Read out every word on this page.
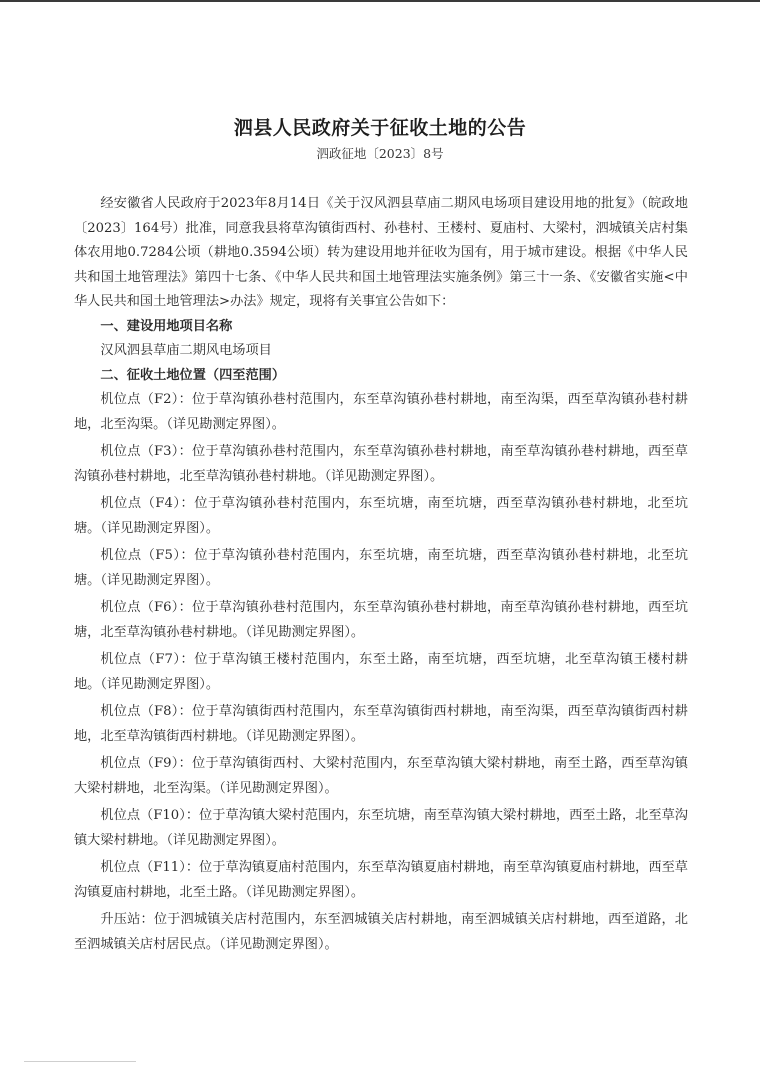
泗县人民政府关于征收土地的公告
泗政征地〔2023〕8号

经安徽省人民政府于2023年8月14日《关于汉风泗县草庙二期风电场项目建设用地的批复》（皖政地〔2023〕164号）批准，同意我县将草沟镇街西村、孙巷村、王楼村、夏庙村、大梁村，泗城镇关店村集体农用地0.7284公顷（耕地0.3594公顷）转为建设用地并征收为国有，用于城市建设。根据《中华人民共和国土地管理法》第四十七条、《中华人民共和国土地管理法实施条例》第三十一条、《安徽省实施<中华人民共和国土地管理法>办法》规定，现将有关事宜公告如下：

一、建设用地项目名称

汉风泗县草庙二期风电场项目

二、征收土地位置（四至范围）

机位点（F2）：位于草沟镇孙巷村范围内，东至草沟镇孙巷村耕地，南至沟渠，西至草沟镇孙巷村耕地，北至沟渠。（详见勘测定界图）。

机位点（F3）：位于草沟镇孙巷村范围内，东至草沟镇孙巷村耕地，南至草沟镇孙巷村耕地，西至草沟镇孙巷村耕地，北至草沟镇孙巷村耕地。（详见勘测定界图）。

机位点（F4）：位于草沟镇孙巷村范围内，东至坑塘，南至坑塘，西至草沟镇孙巷村耕地，北至坑塘。（详见勘测定界图）。

机位点（F5）：位于草沟镇孙巷村范围内，东至坑塘，南至坑塘，西至草沟镇孙巷村耕地，北至坑塘。（详见勘测定界图）。

机位点（F6）：位于草沟镇孙巷村范围内，东至草沟镇孙巷村耕地，南至草沟镇孙巷村耕地，西至坑塘，北至草沟镇孙巷村耕地。（详见勘测定界图）。

机位点（F7）：位于草沟镇王楼村范围内，东至土路，南至坑塘，西至坑塘，北至草沟镇王楼村耕地。（详见勘测定界图）。

机位点（F8）：位于草沟镇街西村范围内，东至草沟镇街西村耕地，南至沟渠，西至草沟镇街西村耕地，北至草沟镇街西村耕地。（详见勘测定界图）。

机位点（F9）：位于草沟镇街西村、大梁村范围内，东至草沟镇大梁村耕地，南至土路，西至草沟镇大梁村耕地，北至沟渠。（详见勘测定界图）。

机位点（F10）：位于草沟镇大梁村范围内，东至坑塘，南至草沟镇大梁村耕地，西至土路，北至草沟镇大梁村耕地。（详见勘测定界图）。

机位点（F11）：位于草沟镇夏庙村范围内，东至草沟镇夏庙村耕地，南至草沟镇夏庙村耕地，西至草沟镇夏庙村耕地，北至土路。（详见勘测定界图）。

升压站：位于泗城镇关店村范围内，东至泗城镇关店村耕地，南至泗城镇关店村耕地，西至道路，北至泗城镇关店村居民点。（详见勘测定界图）。
